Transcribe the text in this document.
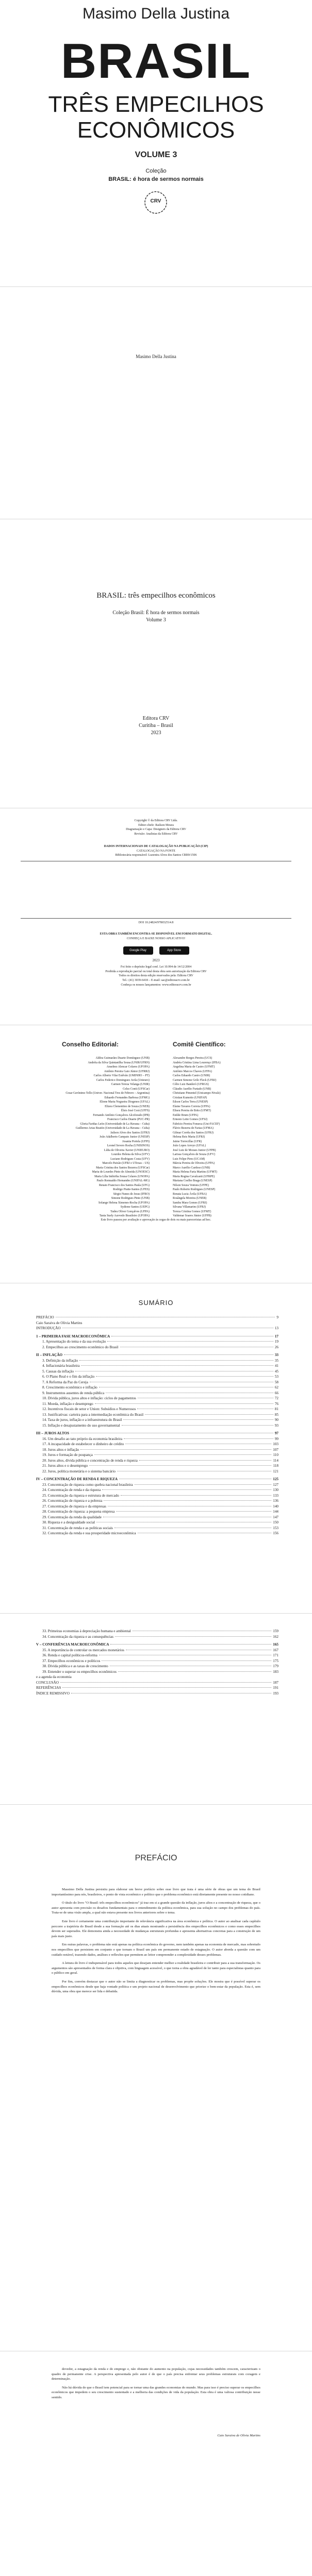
Masimo Della Justina
BRASIL
TRÊS EMPECILHOS
ECONÔMICOS
VOLUME 3
Coleção
BRASIL: é hora de sermos normais
CRV
Masimo Della Justina
BRASIL: três empecilhos econômicos
Coleção Brasil: É hora de sermos normais
Volume 3
Editora CRV
Curitiba – Brasil
2023
Copyright © da Editora CRV Ltda.
Editor-chefe: Railson Moura
Diagramação e Capa: Designers da Editora CRV
Revisão: Analistas da Editora CRV
DADOS INTERNACIONAIS DE CATALOGAÇÃO NA PUBLICAÇÃO (CIP)
CATALOGAÇÃO NA FONTE
Bibliotecária responsável: Luzenira Alves dos Santos CRB9/1506
DOI 10.24824/978652514.8
ESTA OBRA TAMBÉM ENCONTRA-SE DISPONÍVEL EM FORMATO DIGITAL.
CONHEÇA E BAIXE NOSSO APLICATIVO!
Google Play	App Store
2023
Foi feito o depósito legal conf. Lei 10.994 de 14/12/2004
Proibida a reprodução parcial ou total desta obra sem autorização da Editora CRV
Todos os direitos desta edição reservados pela: Editora CRV
Tel.: (41) 3039-6418 – E-mail: sac@editoracrv.com.br
Conheça os nossos lançamentos: www.editoracrv.com.br
Conselho Editorial:	Comitê Científico:
Aldira Guimarães Duarte Domínguez (UNB)
Andréia da Silva Quintanilha Sousa (UNIR/UFRN)
Anselmo Alencar Colares (UFOPA)
Antônio Pereira Gaio Júnior (UFRRJ)
Carlos Alberto Vilar Estêvão (UMINHO – PT)
Carlos Federico Dominguez Avila (Unieuro)
Carmen Tereza Velanga (UNIR)
Celso Conti (UFSCar)
Cesar Gerónimo Tello (Univer. Nacional Tres de Febrero – Argentina)
Eduardo Fernandes Barbosa (UFMG)
Elione Maria Nogueira Diogenes (UFAL)
Elizeu Clementino de Souza (UNEB)
Élsio José Corá (UFFS)
Fernando Antônio Gonçalves Alcoforado (IPB)
Francisco Carlos Duarte (PUC-PR)
Gloria Fariñas León (Universidade de La Havana – Cuba)
Guillermo Arias Beatón (Universidade de La Havana – Cuba)
Jailson Alves dos Santos (UFRJ)
João Adalberto Campato Junior (UNESP)
Josania Portela (UFPI)
Leonel Severo Rocha (UNISINOS)
Lídia de Oliveira Xavier (UNIEURO)
Lourdes Helena da Silva (UFV)
Luciano Rodrigues Costa (UFV)
Marcelo Paixão (UFRJ e UTexas – US)
Maria Cristina dos Santos Bezerra (UFSCar)
Maria de Lourdes Pinto de Almeida (UNOESC)
Maria Lília Imbiriba Sousa Colares (UNOPA)
Paulo Romualdo Hernandes (UNIFAL-MG)
Renato Francisco dos Santos Paula (UFG)
Rodrigo Pratte-Santos (UFES)
Sérgio Nunes de Jesus (IFRO)
Simone Rodrigues Pinto (UNB)
Solange Helena Ximenes-Rocha (UFOPA)
Sydione Santos (UEPG)
Tadeu Oliver Gonçalves (UFPA)
Tania Suely Azevedo Brasileiro (UFOPA)
Alexandre Borges Pereira (UCS)
Andréa Cristina Lima Lourenço (IFBA)
Angelina Maria de Castro (UFMT)
Antônio Marcos Chaves (UFPA)
Carlos Eduardo Castro (UNIR)
Carmen Simone Grilo Fleck (UFRJ)
Célio Luiz Banderó (UFRGS)
Cláudio Aurélio Furtado (UNB)
Christiane Pimentel (Unicampo-Nivalz)
Cristian Kumotto (UNIFAP)
Edson Carlos Terra (UNESP)
Elaine Tavares Correia (UFPA)
Eliseu Pereira de Brito (UFMT)
Enilde Brum (UFPA)
Ernesto Leite Gomes (UFSJ)
Fabrício Pereira Fonseca (Uni-FACEF)
Flávio Bezerra de Farias (UFMA)
Gilmar Corrêa dos Santos (UFRJ)
Helena Reis Maria (UFRJ)
Jaime Torrecillas (UFR)
João Lopes Arroyo (UFAL)
José Luiz de Moraes Junior (UFPB)
Larissa Gonçalves de Souza (UFV)
Luiz Felipe Pires (UCAM)
Márcia Pereira de Oliveira (UFPA)
Marco Aurélio Cardoso (UNB)
Maria Helena Faria Martins (UFMT)
Maria Regina Cavalcanti (UFRPE)
Mariana Coelho Braga (UNESP)
Nilson Souza Ventura (UFPE)
Paulo Roberto Rodrigues (UNESP)
Renata Lucia Ávila (UFBA)
Rosângela Moreira (UNEB)
Sandra Mara Gomes (UFRJ)
Silvana Villamarim (UFRJ)
Tereza Cristina Gomes (UFMT)
Valdemar Soares Júnior (UFPB)
Este livro passou por avaliação e aprovação às cegas de dois ou mais pareceristas ad hoc.
SUMÁRIO
PREFÁCIO	9
Caio Saraiva de Olivia Martins
INTRODUÇÃO	13
1 – PRIMEIRA FASE MACROECONÔMICA	17
1. Apresentação do tema e da sua evolução	19
2. Empecilhos ao crescimento econômico do Brasil	26
II – INFLAÇÃO	33
3. Definição da inflação	35
4. Inflacionária brasileira	41
5. Causas da inflação	45
6. O Plano Real e o fim da inflação	53
7. A Reforma da Paz do Cereja	58
8. Crescimento econômico e inflação	62
9. Instrumentos ausentes de renda pública	66
10. Dívida pública, juros altos e inflação: ciclos de pagamentos	72
11. Moeda, inflação e desemprego	76
12. Incentivos fiscais de setor e Union: Subsídios e Numerosos	81
13. Justificativas: carteira para a intermediação econômica do Brasil	85
14. Taxa de juros, inflação e a infraestrutura do Brasil	90
15. Inflação e desajustamento do uso governamental	93
III – JUROS ALTOS	97
16. Um desafio ao tato próprio da economia brasileira	99
17. A incapacidade de estabelecer o dinheiro de crédito	103
18. Juros altos e inflação	107
19. Juros e formação de poupança	110
20. Juros altos, dívida pública e concentração de renda e riqueza	114
21. Juros altos e o desemprego	118
22. Juros, política monetária e o sistema bancário	121
IV – CONCENTRAÇÃO DE RENDA E RIQUEZA	125
23. Concentração de riqueza como quebra nacional brasileira	127
24. Concentração de renda e da riqueza	130
25. Concentração da riqueza e estrutura de mercado	133
26. Concentração de riqueza e a pobreza	136
27. Concentração de riqueza e da empresas	140
28. Concentração de riqueza: a pequena empresa	144
29. Concentração da renda da qualidade	147
30. Riqueza e a desigualdade social	150
31. Concentração de renda e as políticas sociais	153
32. Concentração da renda e sua prosperidade microeconômica	156
33. Primeiras economias à depreciação humana e ambiental	159
34. Concentração da riqueza e as consequências	162
V – CONFERÊNCIA MACROECONÔMICA	165
35. A importância de controlar os mercados monetários	167
36. Renda e capital políticos-reforma	171
37. Empecilhos econômicos e políticos	175
38. Dívida pública e as taxas de crescimento	179
39. Entender o superar os empecilhos econômicos	183
e a agenda da economia
CONCLUSÃO	187
REFERÊNCIAS	191
ÍNDICE REMISSIVO	193
PREFÁCIO

Massimo Della Justina persistiu para elaborar um breve prefácio sobre esse livro que trata é uma série de obras que um tema do Brasil importantíssimo para nós, brasileiros, o ponto de vista econômico e político que o problema econômico está diretamente presente no nosso cotidiano.

O título do livro "O Brasil: três empecilhos econômicos" já traz em si a grande questão da inflação, juros altos e a concentração de riqueza, que o autor apresenta com precisão os desafios fundamentais para o entendimento da política econômica, para sua solução no campo dos problemas do país. Trata-se de uma visão ampla, a qual não estava presente nos livros anteriores sobre o tema.

Este livro é certamente uma contribuição importante de relevância significativa na área econômica e política. O autor ao analisar cada capítulo percorre a trajetória do Brasil desde a sua formação até os dias atuais mostrando a persistência dos empecilhos econômicos e como esses empecilhos devem ser superados. Ele demonstra ainda a necessidade de mudanças estruturais profundas e apresenta alternativas concretas para a construção de um país mais justo.

Em outras palavras, o problema não está apenas na política econômica do governo, nem também apenas na economia de mercado, mas sobretudo nos empecilhos que persistem em conjunto e que tornam o Brasil um país em permanente estado de estagnação. O autor aborda a questão com um cuidado notável, trazendo dados, análises e reflexões que permitem ao leitor compreender a complexidade desses problemas.

A leitura do livro é indispensável para todos aqueles que desejam entender melhor a realidade brasileira e contribuir para a sua transformação. Os argumentos são apresentados de forma clara e objetiva, com linguagem acessível, o que torna a obra agradável de ler tanto para especialistas quanto para o público em geral.

Por fim, convém destacar que o autor não se limita a diagnosticar os problemas, mas propõe soluções. Ele mostra que é possível superar os empecilhos econômicos desde que haja vontade política e um projeto nacional de desenvolvimento que priorize o bem-estar da população. Esta é, sem dúvida, uma obra que merece ser lida e debatida.

devedor, a estagnação da renda e do emprego e, não obstante do aumento na população, cujas necessidades também crescem, caracterizam o quadro de permanente crise. A perspectiva apresentada pelo autor é de que o país precisa enfrentar seus problemas estruturais com coragem e determinação.

Não há dúvida de que o Brasil tem potencial para se tornar uma das grandes economias do mundo. Mas para isso é preciso superar os empecilhos econômicos que impedem o seu crescimento sustentado e a melhoria das condições de vida da população. Esta obra é uma valiosa contribuição nesse sentido.

Caio Saraiva de Olivia Martins
